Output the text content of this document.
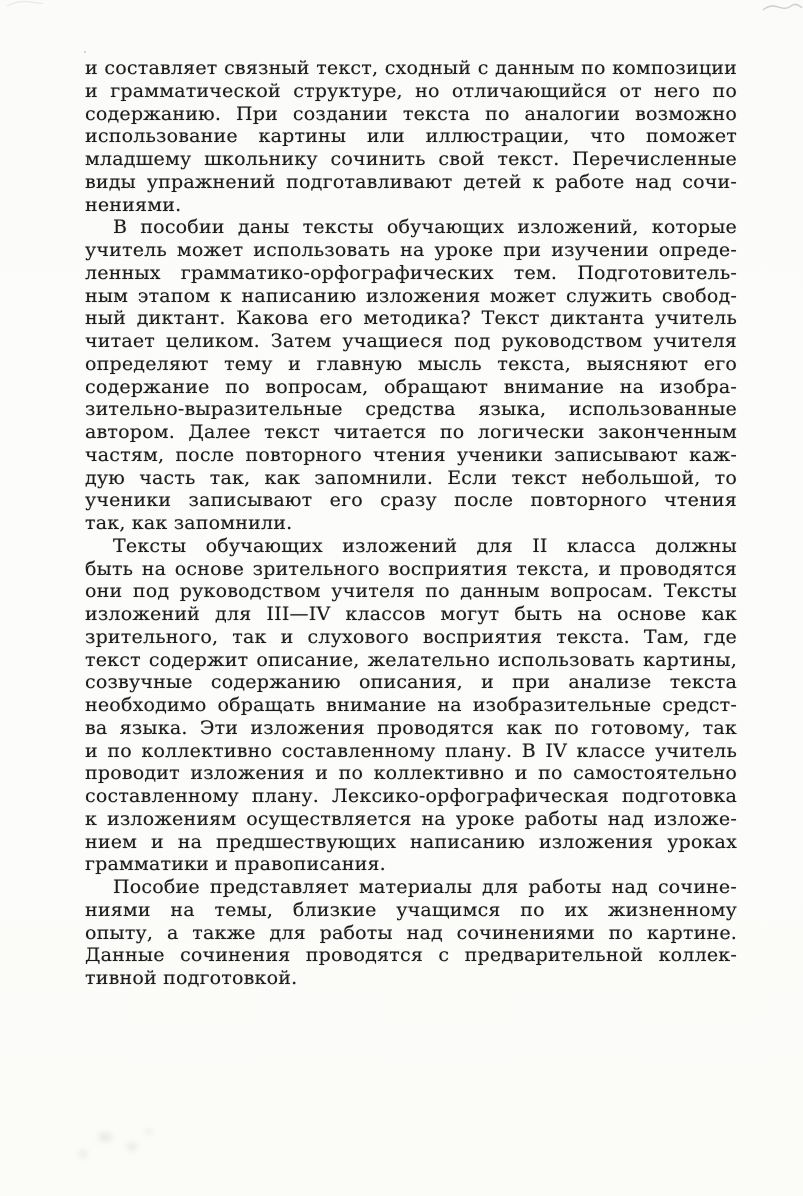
и составляет связный текст, сходный с данным по композиции
и грамматической структуре, но отличающийся от него по
содержанию. При создании текста по аналогии возможно
использование картины или иллюстрации, что поможет
младшему школьнику сочинить свой текст. Перечисленные
виды упражнений подготавливают детей к работе над сочи-
нениями.
В пособии даны тексты обучающих изложений, которые
учитель может использовать на уроке при изучении опреде-
ленных грамматико-орфографических тем. Подготовитель-
ным этапом к написанию изложения может служить свобод-
ный диктант. Какова его методика? Текст диктанта учитель
читает целиком. Затем учащиеся под руководством учителя
определяют тему и главную мысль текста, выясняют его
содержание по вопросам, обращают внимание на изобра-
зительно-выразительные средства языка, использованные
автором. Далее текст читается по логически законченным
частям, после повторного чтения ученики записывают каж-
дую часть так, как запомнили. Если текст небольшой, то
ученики записывают его сразу после повторного чтения
так, как запомнили.
Тексты обучающих изложений для II класса должны
быть на основе зрительного восприятия текста, и проводятся
они под руководством учителя по данным вопросам. Тексты
изложений для III—IV классов могут быть на основе как
зрительного, так и слухового восприятия текста. Там, где
текст содержит описание, желательно использовать картины,
созвучные содержанию описания, и при анализе текста
необходимо обращать внимание на изобразительные средст-
ва языка. Эти изложения проводятся как по готовому, так
и по коллективно составленному плану. В IV классе учитель
проводит изложения и по коллективно и по самостоятельно
составленному плану. Лексико-орфографическая подготовка
к изложениям осуществляется на уроке работы над изложе-
нием и на предшествующих написанию изложения уроках
грамматики и правописания.
Пособие представляет материалы для работы над сочине-
ниями на темы, близкие учащимся по их жизненному
опыту, а также для работы над сочинениями по картине.
Данные сочинения проводятся с предварительной коллек-
тивной подготовкой.
